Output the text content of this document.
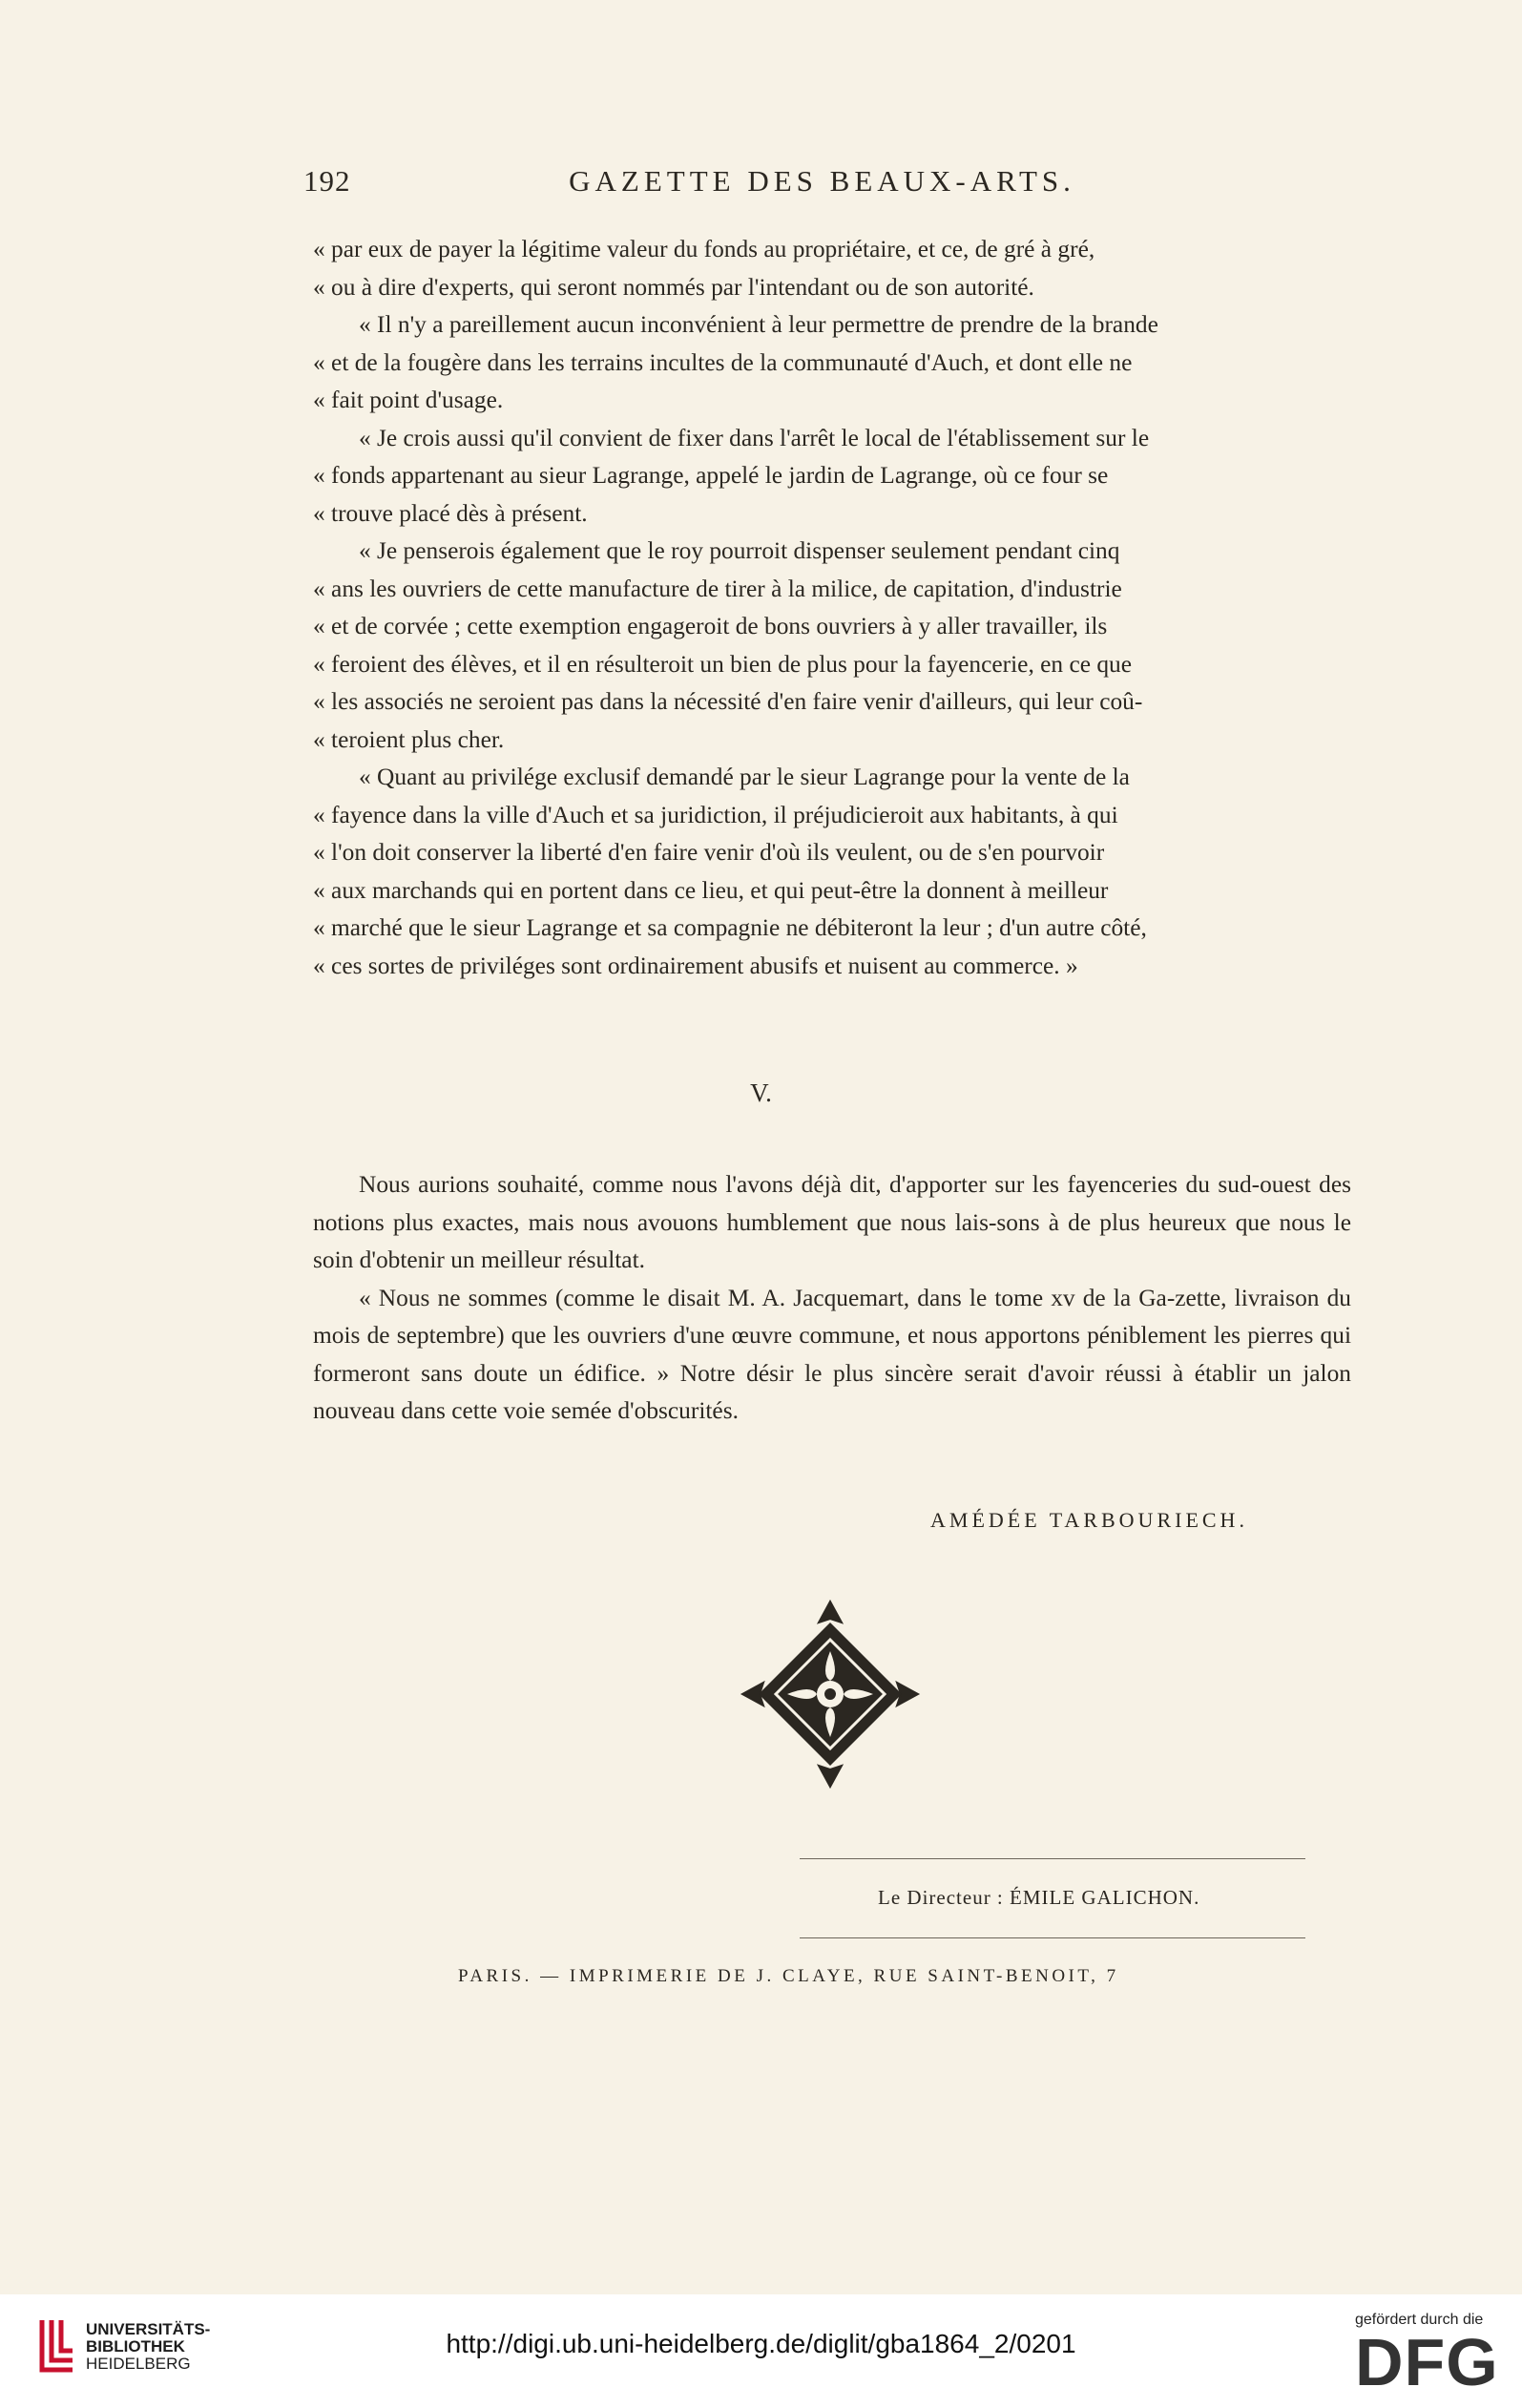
192	GAZETTE DES BEAUX-ARTS.

« par eux de payer la légitime valeur du fonds au propriétaire, et ce, de gré à gré,
« ou à dire d'experts, qui seront nommés par l'intendant ou de son autorité.

« Il n'y a pareillement aucun inconvénient à leur permettre de prendre de la brande
« et de la fougère dans les terrains incultes de la communauté d'Auch, et dont elle ne
« fait point d'usage.

« Je crois aussi qu'il convient de fixer dans l'arrêt le local de l'établissement sur le
« fonds appartenant au sieur Lagrange, appelé le jardin de Lagrange, où ce four se
« trouve placé dès à présent.

« Je penserois également que le roy pourroit dispenser seulement pendant cinq
« ans les ouvriers de cette manufacture de tirer à la milice, de capitation, d'industrie
« et de corvée ; cette exemption engageroit de bons ouvriers à y aller travailler, ils
« feroient des élèves, et il en résulteroit un bien de plus pour la fayencerie, en ce que
« les associés ne seroient pas dans la nécessité d'en faire venir d'ailleurs, qui leur coû-
« teroient plus cher.

« Quant au privilége exclusif demandé par le sieur Lagrange pour la vente de la
« fayence dans la ville d'Auch et sa juridiction, il préjudicieroit aux habitants, à qui
« l'on doit conserver la liberté d'en faire venir d'où ils veulent, ou de s'en pourvoir
« aux marchands qui en portent dans ce lieu, et qui peut-être la donnent à meilleur
« marché que le sieur Lagrange et sa compagnie ne débiteront la leur ; d'un autre côté,
« ces sortes de priviléges sont ordinairement abusifs et nuisent au commerce. »

V.

Nous aurions souhaité, comme nous l'avons déjà dit, d'apporter sur les fayenceries du sud-ouest des notions plus exactes, mais nous avouons humblement que nous lais-sons à de plus heureux que nous le soin d'obtenir un meilleur résultat.

« Nous ne sommes (comme le disait M. A. Jacquemart, dans le tome xv de la Ga-zette, livraison du mois de septembre) que les ouvriers d'une œuvre commune, et nous apportons péniblement les pierres qui formeront sans doute un édifice. » Notre désir le plus sincère serait d'avoir réussi à établir un jalon nouveau dans cette voie semée d'obscurités.

AMÉDÉE TARBOURIECH.
Le Directeur : ÉMILE GALICHON.
PARIS. — IMPRIMERIE DE J. CLAYE, RUE SAINT-BENOIT, 7
UNIVERSITÄTS-
BIBLIOTHEK
HEIDELBERG
http://digi.ub.uni-heidelberg.de/diglit/gba1864_2/0201
gefördert durch die
DFG
